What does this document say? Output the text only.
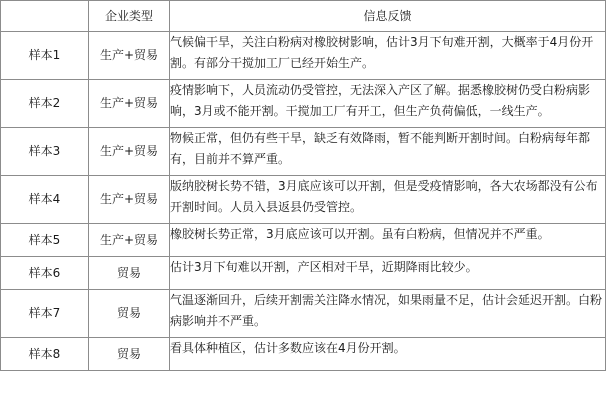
	企业类型	信息反馈
样本1	生产+贸易	气候偏干旱，关注白粉病对橡胶树影响，估计3月下旬难开割，大概率于4月份开割。有部分干搅加工厂已经开始生产。
样本2	生产+贸易	疫情影响下，人员流动仍受管控，无法深入产区了解。据悉橡胶树仍受白粉病影响，3月或不能开割。干搅加工厂有开工，但生产负荷偏低，一线生产。
样本3	生产+贸易	物候正常，但仍有些干旱，缺乏有效降雨，暂不能判断开割时间。白粉病每年都有，目前并不算严重。
样本4	生产+贸易	版纳胶树长势不错，3月底应该可以开割，但是受疫情影响，各大农场都没有公布开割时间。人员入县返县仍受管控。
样本5	生产+贸易	橡胶树长势正常，3月底应该可以开割。虽有白粉病，但情况并不严重。
样本6	贸易	估计3月下旬难以开割，产区相对干旱，近期降雨比较少。
样本7	贸易	气温逐渐回升，后续开割需关注降水情况，如果雨量不足，估计会延迟开割。白粉病影响并不严重。
样本8	贸易	看具体种植区，估计多数应该在4月份开割。
